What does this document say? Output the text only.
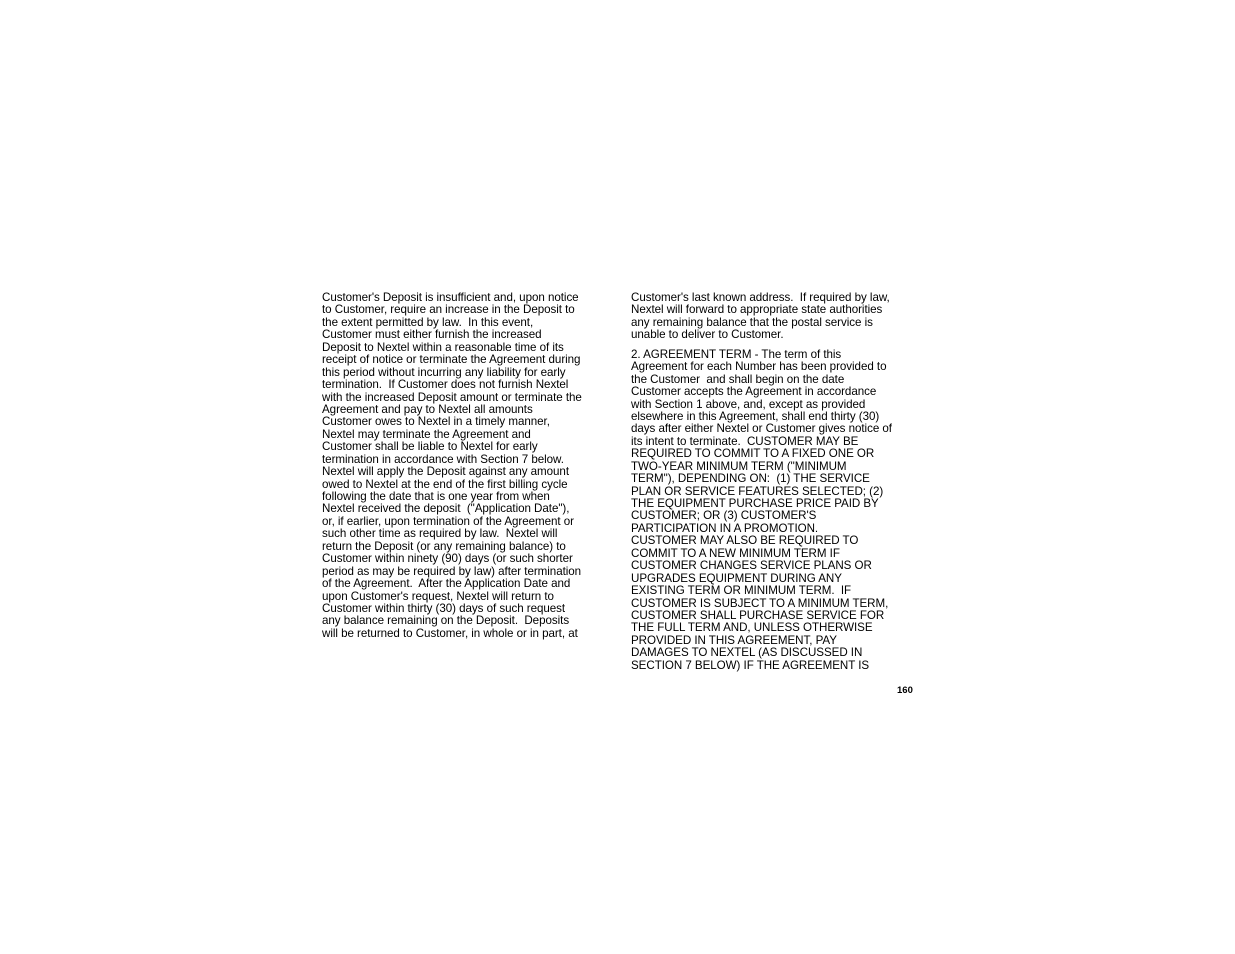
Customer's Deposit is insufficient and, upon notice
to Customer, require an increase in the Deposit to
the extent permitted by law.  In this event,
Customer must either furnish the increased
Deposit to Nextel within a reasonable time of its
receipt of notice or terminate the Agreement during
this period without incurring any liability for early
termination.  If Customer does not furnish Nextel
with the increased Deposit amount or terminate the
Agreement and pay to Nextel all amounts
Customer owes to Nextel in a timely manner,
Nextel may terminate the Agreement and
Customer shall be liable to Nextel for early
termination in accordance with Section 7 below.
Nextel will apply the Deposit against any amount
owed to Nextel at the end of the first billing cycle
following the date that is one year from when
Nextel received the deposit  ("Application Date"),
or, if earlier, upon termination of the Agreement or
such other time as required by law.  Nextel will
return the Deposit (or any remaining balance) to
Customer within ninety (90) days (or such shorter
period as may be required by law) after termination
of the Agreement.  After the Application Date and
upon Customer's request, Nextel will return to
Customer within thirty (30) days of such request
any balance remaining on the Deposit.  Deposits
will be returned to Customer, in whole or in part, at
Customer's last known address.  If required by law,
Nextel will forward to appropriate state authorities
any remaining balance that the postal service is
unable to deliver to Customer.
2. AGREEMENT TERM - The term of this
Agreement for each Number has been provided to
the Customer  and shall begin on the date
Customer accepts the Agreement in accordance
with Section 1 above, and, except as provided
elsewhere in this Agreement, shall end thirty (30)
days after either Nextel or Customer gives notice of
its intent to terminate.  CUSTOMER MAY BE
REQUIRED TO COMMIT TO A FIXED ONE OR
TWO-YEAR MINIMUM TERM ("MINIMUM
TERM"), DEPENDING ON:  (1) THE SERVICE
PLAN OR SERVICE FEATURES SELECTED; (2)
THE EQUIPMENT PURCHASE PRICE PAID BY
CUSTOMER; OR (3) CUSTOMER'S
PARTICIPATION IN A PROMOTION.
CUSTOMER MAY ALSO BE REQUIRED TO
COMMIT TO A NEW MINIMUM TERM IF
CUSTOMER CHANGES SERVICE PLANS OR
UPGRADES EQUIPMENT DURING ANY
EXISTING TERM OR MINIMUM TERM.  IF
CUSTOMER IS SUBJECT TO A MINIMUM TERM,
CUSTOMER SHALL PURCHASE SERVICE FOR
THE FULL TERM AND, UNLESS OTHERWISE
PROVIDED IN THIS AGREEMENT, PAY
DAMAGES TO NEXTEL (AS DISCUSSED IN
SECTION 7 BELOW) IF THE AGREEMENT IS
160
